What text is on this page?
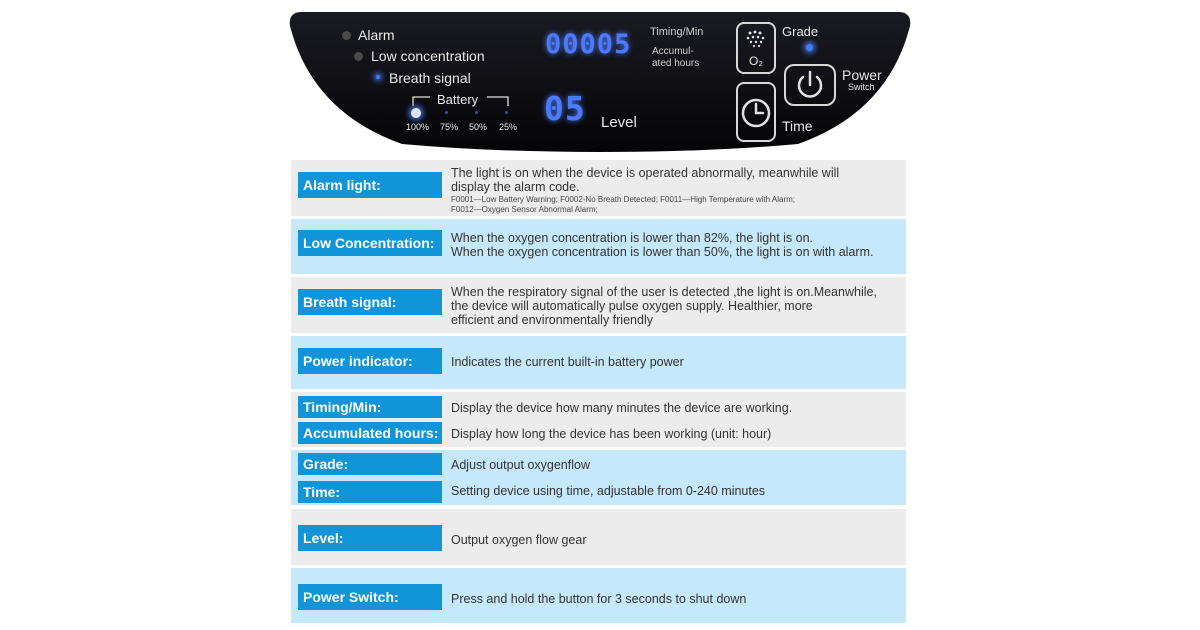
Alarm
Low concentration
Breath signal
Battery
100% 75% 50% 25%
00005 Timing/Min
Accumul-
ated hours
05 Level
O₂
Grade
Time
Power
Switch
Alarm light:
The light is on when the device is operated abnormally, meanwhile will
display the alarm code.
F0001—Low Battery Warning; F0002-No Breath Detected; F0011—High Temperature with Alarm;
F0012—Oxygen Sensor Abnormal Alarm;
Low Concentration:	When the oxygen concentration is lower than 82%, the light is on.
When the oxygen concentration is lower than 50%, the light is on with alarm.
Breath signal:
When the respiratory signal of the user is detected ,the light is on.Meanwhile,
the device will automatically pulse oxygen supply. Healthier, more
efficient and environmentally friendly
Power indicator:	Indicates the current built-in battery power
Timing/Min:	Display the device how many minutes the device are working.
Accumulated hours: Display how long the device has been working (unit: hour)
Grade:	Adjust output oxygenflow
Time:	Setting device using time, adjustable from 0-240 minutes
Level:	Output oxygen flow gear
Power Switch:	Press and hold the button for 3 seconds to shut down
